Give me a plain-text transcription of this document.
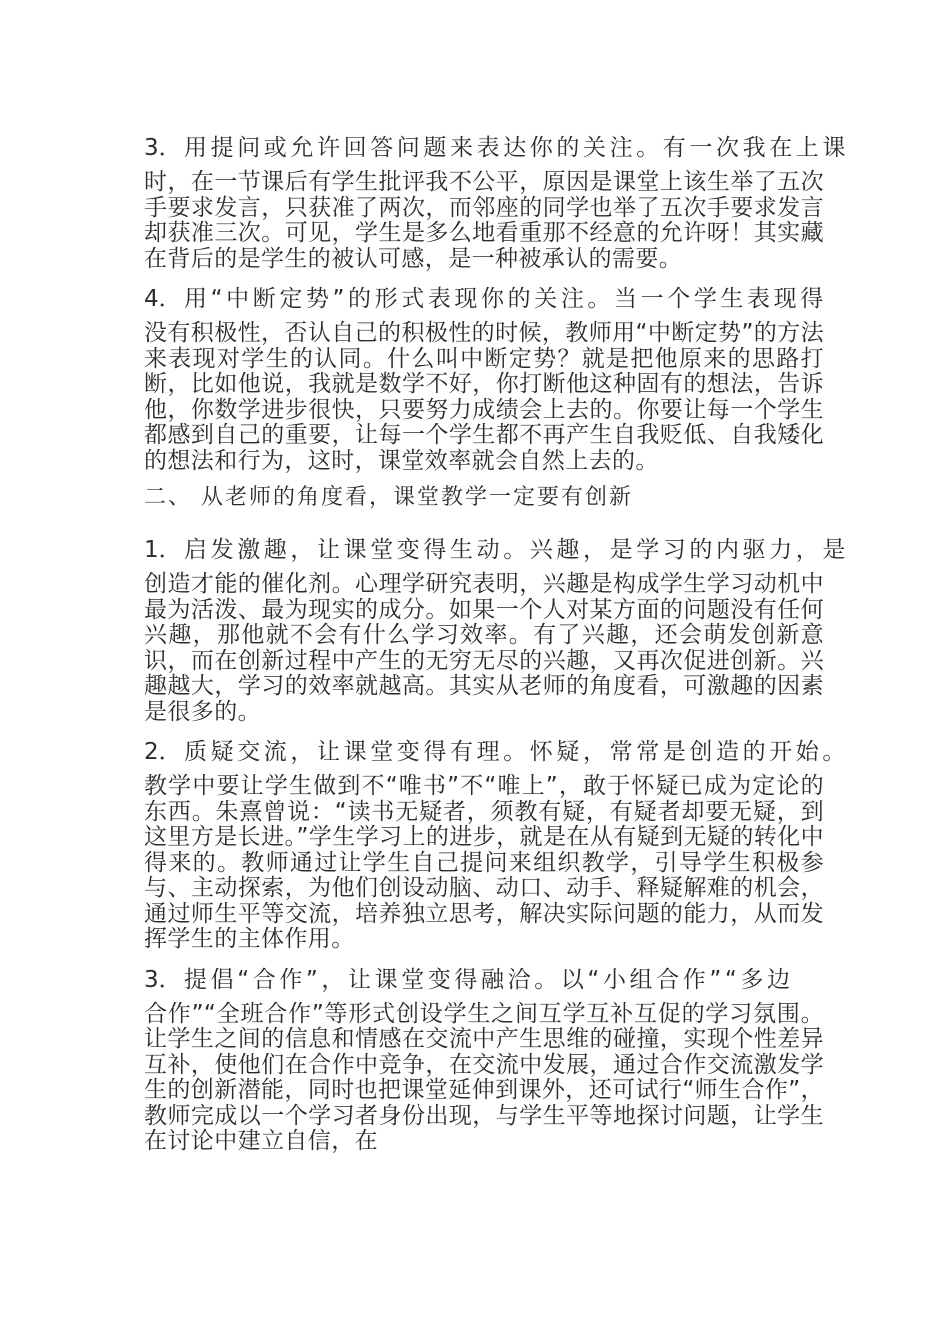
3． 用提问或允许回答问题来表达你的关注。有一次我在上课

时，在一节课后有学生批评我不公平，原因是课堂上该生举了五次手要求发言，只获准了两次，而邻座的同学也举了五次手要求发言却获准三次。可见，学生是多么地看重那不经意的允许呀！其实藏在背后的是学生的被认可感，是一种被承认的需要。

4． 用“中断定势”的形式表现你的关注。当一个学生表现得

没有积极性，否认自己的积极性的时候，教师用“中断定势”的方法来表现对学生的认同。什么叫中断定势？就是把他原来的思路打断，比如他说，我就是数学不好，你打断他这种固有的想法，告诉他，你数学进步很快，只要努力成绩会上去的。你要让每一个学生都感到自己的重要，让每一个学生都不再产生自我贬低、自我矮化的想法和行为，这时，课堂效率就会自然上去的。

二、 从老师的角度看，课堂教学一定要有创新

1． 启发激趣，让课堂变得生动。兴趣，是学习的内驱力，是

创造才能的催化剂。心理学研究表明，兴趣是构成学生学习动机中最为活泼、最为现实的成分。如果一个人对某方面的问题没有任何兴趣，那他就不会有什么学习效率。有了兴趣，还会萌发创新意识，而在创新过程中产生的无穷无尽的兴趣，又再次促进创新。兴趣越大，学习的效率就越高。其实从老师的角度看，可激趣的因素是很多的。

2． 质疑交流，让课堂变得有理。怀疑，常常是创造的开始。

教学中要让学生做到不“唯书”不“唯上”，敢于怀疑已成为定论的东西。朱熹曾说：“读书无疑者，须教有疑，有疑者却要无疑，到这里方是长进。”学生学习上的进步，就是在从有疑到无疑的转化中得来的。教师通过让学生自己提问来组织教学，引导学生积极参与、主动探索，为他们创设动脑、动口、动手、释疑解难的机会，通过师生平等交流，培养独立思考，解决实际问题的能力，从而发挥学生的主体作用。

3． 提倡“合作”，让课堂变得融洽。以“小组合作”“多边

合作”“全班合作”等形式创设学生之间互学互补互促的学习氛围。让学生之间的信息和情感在交流中产生思维的碰撞，实现个性差异互补，使他们在合作中竞争，在交流中发展，通过合作交流激发学生的创新潜能，同时也把课堂延伸到课外，还可试行“师生合作”，教师完成以一个学习者身份出现，与学生平等地探讨问题，让学生在讨论中建立自信，在
